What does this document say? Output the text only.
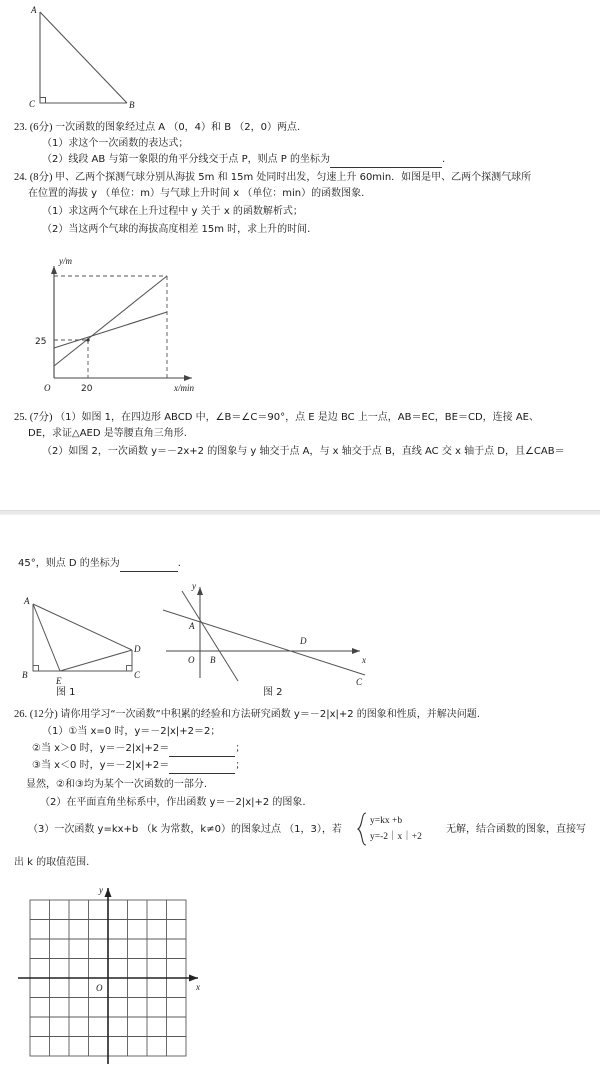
A
C	B
23. (6分) 一次函数的图象经过点 A （0，4）和 B （2，0）两点.
（1）求这个一次函数的表达式；
（2）线段 AB 与第一象限的角平分线交于点 P，则点 P 的坐标为	.
24. (8分) 甲、乙两个探测气球分别从海拔 5m 和 15m 处同时出发，匀速上升 60min．如图是甲、乙两个探测气球所
在位置的海拔 y （单位：m）与气球上升时间 x （单位：min）的函数图象.
（1）求这两个气球在上升过程中 y 关于 x 的函数解析式；
（2）当这两个气球的海拔高度相差 15m 时，求上升的时间.
y/m
x/min
O
25
20
25. (7分) （1）如图 1，在四边形 ABCD 中，∠B＝∠C＝90°，点 E 是边 BC 上一点，AB＝EC，BE＝CD，连接 AE、
DE，求证△AED 是等腰直角三角形.
（2）如图 2，一次函数 y＝－2x+2 的图象与 y 轴交于点 A，与 x 轴交于点 B，直线 AC 交 x 轴于点 D，且∠CAB＝
45°，则点 D 的坐标为	.
A
B	C
D
E
图 1
y
x
O
A
B
C
D
图 2
26. (12分) 请你用学习“一次函数”中积累的经验和方法研究函数 y＝－2|x|+2 的图象和性质，并解决问题.
（1）①当 x=0 时，y＝－2|x|+2＝2；
②当 x＞0 时，y＝－2|x|+2＝	；
③当 x＜0 时，y＝－2|x|+2＝	；
显然，②和③均为某个一次函数的一部分.
（2）在平面直角坐标系中，作出函数 y＝－2|x|+2 的图象.
（3）一次函数 y=kx+b （k 为常数，k≠0）的图象过点 （1，3），若
y=kx +b
y=-2｜x｜+2
无解，结合函数的图象，直接写
出 k 的取值范围.
y
x
O
